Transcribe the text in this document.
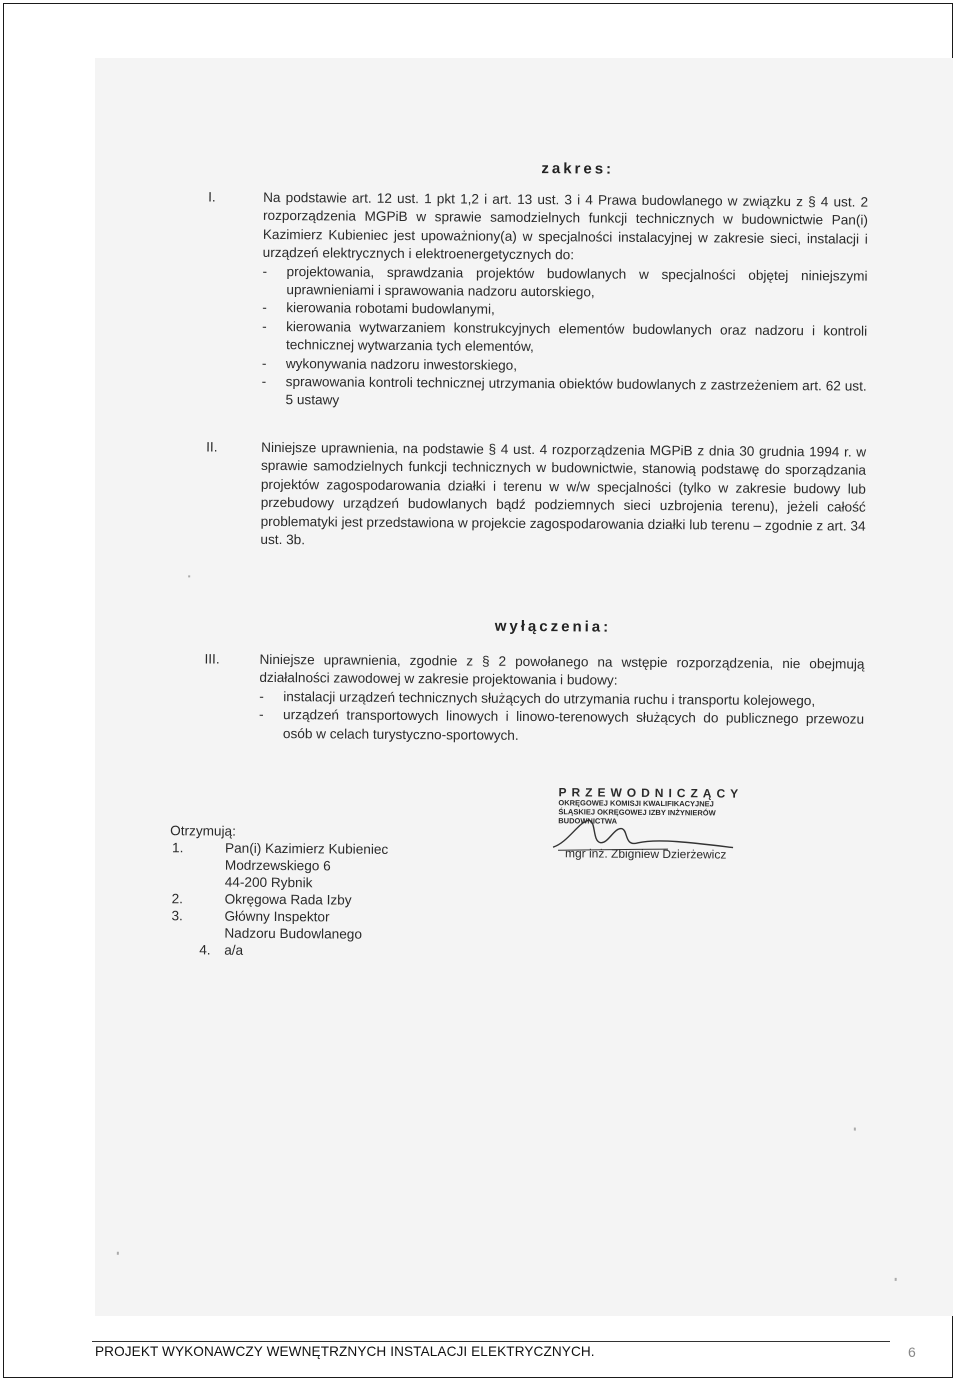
zakres:
I.	Na podstawie art. 12 ust. 1 pkt 1,2 i art. 13 ust. 3 i 4 Prawa budowlanego w związku z § 4 ust. 2 rozporządzenia MGPiB w sprawie samodzielnych funkcji technicznych w budownictwie Pan(i) Kazimierz Kubieniec jest upoważniony(a) w specjalności instalacyjnej w zakresie sieci, instalacji i urządzeń elektrycznych i elektroenergetycznych do:
- projektowania, sprawdzania projektów budowlanych w specjalności objętej niniejszymi uprawnieniami i sprawowania nadzoru autorskiego,
- kierowania robotami budowlanymi,
- kierowania wytwarzaniem konstrukcyjnych elementów budowlanych oraz nadzoru i kontroli technicznej wytwarzania tych elementów,
- wykonywania nadzoru inwestorskiego,
- sprawowania kontroli technicznej utrzymania obiektów budowlanych z zastrzeżeniem art. 62 ust. 5 ustawy
II.	Niniejsze uprawnienia, na podstawie § 4 ust. 4 rozporządzenia MGPiB z dnia 30 grudnia 1994 r. w sprawie samodzielnych funkcji technicznych w budownictwie, stanowią podstawę do sporządzania projektów zagospodarowania działki i terenu w w/w specjalności (tylko w zakresie budowy lub przebudowy urządzeń budowlanych bądź podziemnych sieci uzbrojenia terenu), jeżeli całość problematyki jest przedstawiona w projekcie zagospodarowania działki lub terenu – zgodnie z art. 34 ust. 3b.
wyłączenia:
III.	Niniejsze uprawnienia, zgodnie z § 2 powołanego na wstępie rozporządzenia, nie obejmują działalności zawodowej w zakresie projektowania i budowy:
- instalacji urządzeń technicznych służących do utrzymania ruchu i transportu kolejowego,
- urządzeń transportowych linowych i linowo-terenowych służących do publicznego przewozu osób w celach turystyczno-sportowych.
PRZEWODNICZĄCY
OKRĘGOWEJ KOMISJI KWALIFIKACYJNEJ
ŚLĄSKIEJ OKRĘGOWEJ IZBY INŻYNIERÓW BUDOWNICTWA
mgr inż. Zbigniew Dzierżewicz
Otrzymują:
1.	Pan(i) Kazimierz Kubieniec
Modrzewskiego 6
44-200 Rybnik
2.	Okręgowa Rada Izby
3.	Główny Inspektor
Nadzoru Budowlanego
4. a/a
PROJEKT WYKONAWCZY WEWNĘTRZNYCH INSTALACJI ELEKTRYCZNYCH.	6
